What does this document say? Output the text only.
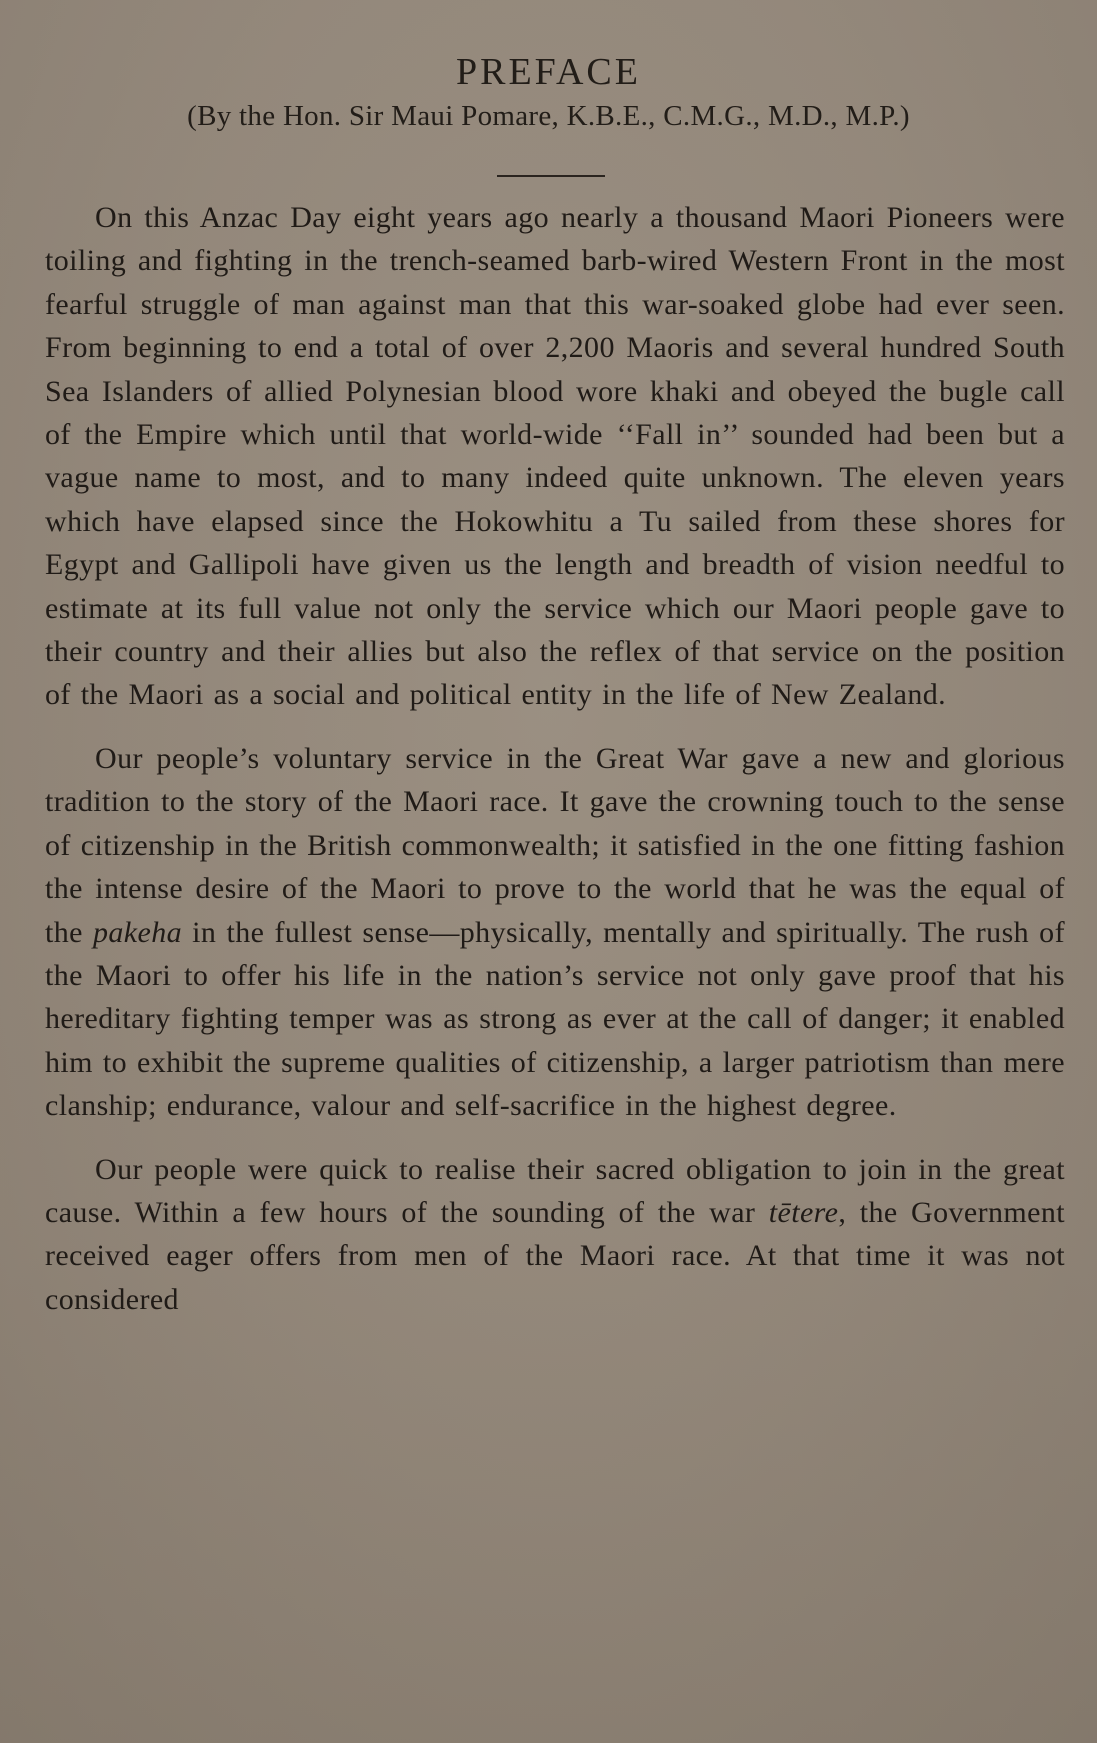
PREFACE
(By the Hon. Sir Maui Pomare, K.B.E., C.M.G., M.D., M.P.)

On this Anzac Day eight years ago nearly a thousand Maori Pioneers were toiling and fighting in the trench-seamed barb-wired Western Front in the most fearful struggle of man against man that this war-soaked globe had ever seen. From beginning to end a total of over 2,200 Maoris and several hundred South Sea Islanders of allied Polynesian blood wore khaki and obeyed the bugle call of the Empire which until that world-wide ‘‘Fall in’’ sounded had been but a vague name to most, and to many indeed quite unknown. The eleven years which have elapsed since the Hokowhitu a Tu sailed from these shores for Egypt and Gallipoli have given us the length and breadth of vision needful to estimate at its full value not only the service which our Maori people gave to their country and their allies but also the reflex of that service on the position of the Maori as a social and political entity in the life of New Zealand.

Our people’s voluntary service in the Great War gave a new and glorious tradition to the story of the Maori race. It gave the crowning touch to the sense of citizenship in the British commonwealth; it satisfied in the one fitting fashion the intense desire of the Maori to prove to the world that he was the equal of the pakeha in the fullest sense—physically, mentally and spiritually. The rush of the Maori to offer his life in the nation’s service not only gave proof that his hereditary fighting temper was as strong as ever at the call of danger; it enabled him to exhibit the supreme qualities of citizenship, a larger patriotism than mere clanship; endurance, valour and self-sacrifice in the highest degree.

Our people were quick to realise their sacred obligation to join in the great cause. Within a few hours of the sounding of the war tētere, the Government received eager offers from men of the Maori race. At that time it was not considered
